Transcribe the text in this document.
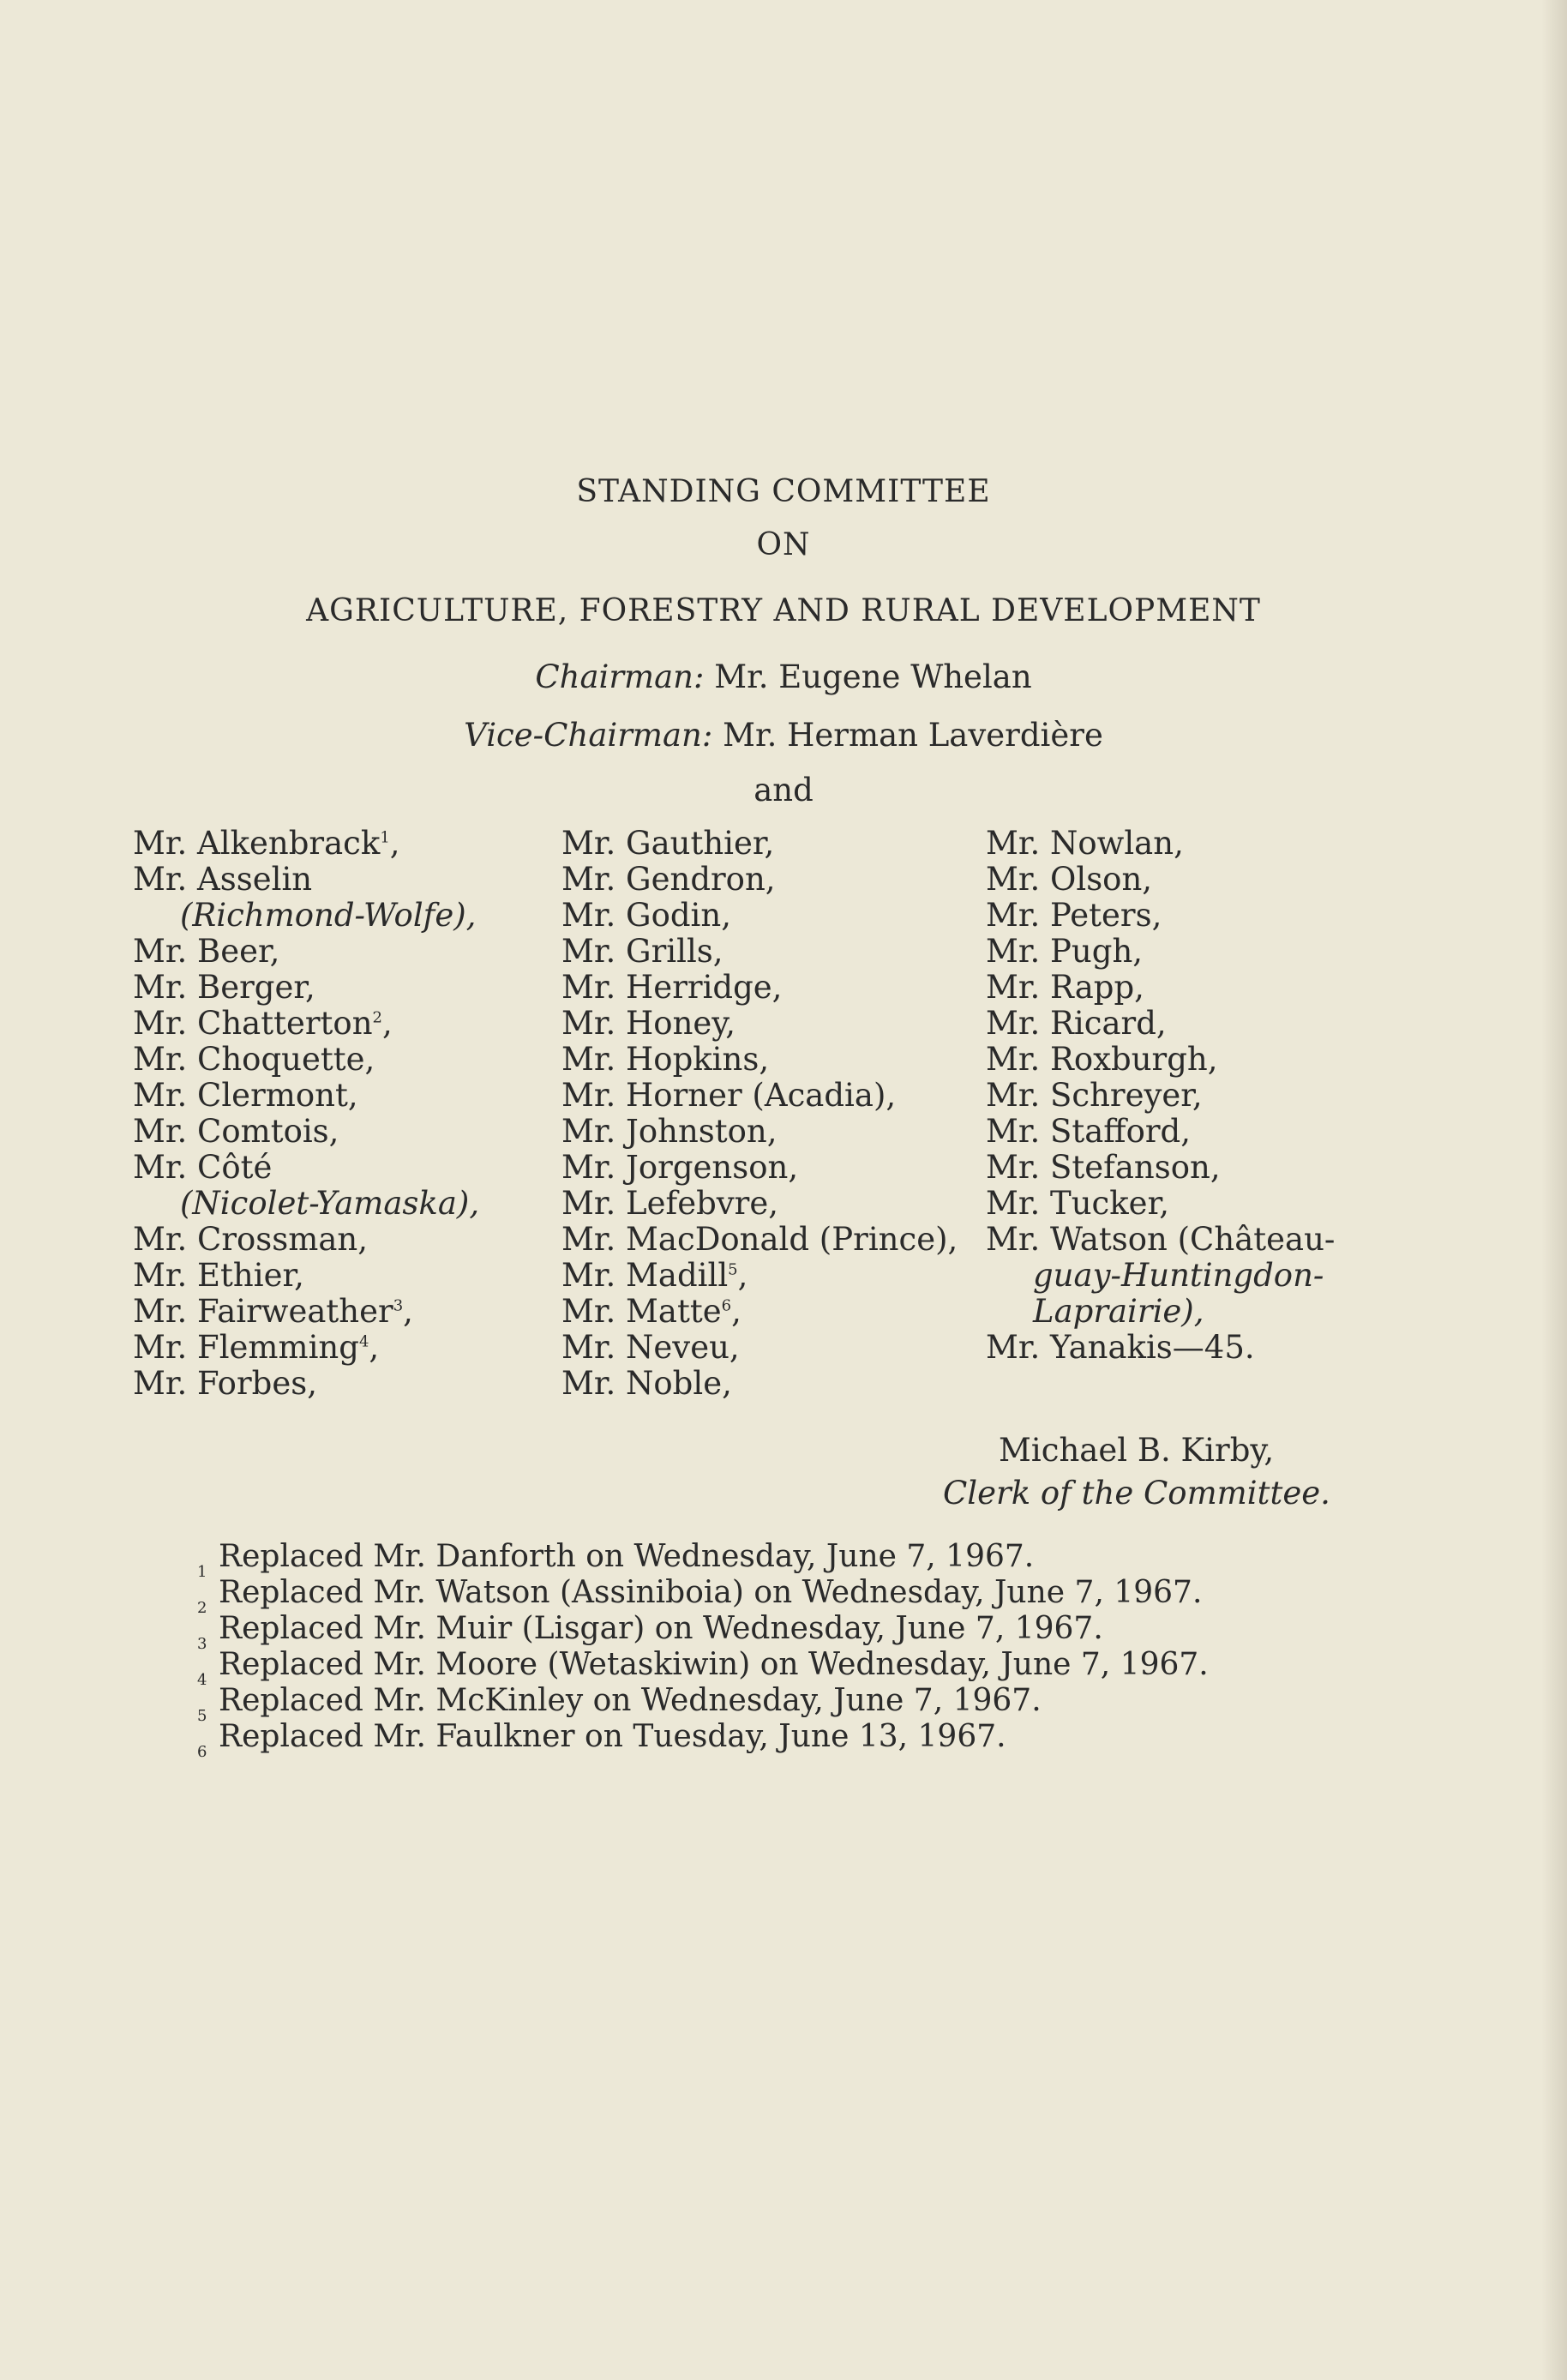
STANDING COMMITTEE
ON
AGRICULTURE, FORESTRY AND RURAL DEVELOPMENT
Chairman: Mr. Eugene Whelan
Vice-Chairman: Mr. Herman Laverdière
and
Mr. Alkenbrack$^1$,
Mr. Asselin
(Richmond-Wolfe),
Mr. Beer,
Mr. Berger,
Mr. Chatterton$^2$,
Mr. Choquette,
Mr. Clermont,
Mr. Comtois,
Mr. Côté
(Nicolet-Yamaska),
Mr. Crossman,
Mr. Ethier,
Mr. Fairweather$^3$,
Mr. Flemming$^4$,
Mr. Forbes,
Mr. Gauthier,
Mr. Gendron,
Mr. Godin,
Mr. Grills,
Mr. Herridge,
Mr. Honey,
Mr. Hopkins,
Mr. Horner (Acadia),
Mr. Johnston,
Mr. Jorgenson,
Mr. Lefebvre,
Mr. MacDonald (Prince),
Mr. Madill$^5$,
Mr. Matte$^6$,
Mr. Neveu,
Mr. Noble,
Mr. Nowlan,
Mr. Olson,
Mr. Peters,
Mr. Pugh,
Mr. Rapp,
Mr. Ricard,
Mr. Roxburgh,
Mr. Schreyer,
Mr. Stafford,
Mr. Stefanson,
Mr. Tucker,
Mr. Watson (Château-
guay-Huntingdon-
Laprairie),
Mr. Yanakis—45.
Michael B. Kirby,
Clerk of the Committee.
1 Replaced Mr. Danforth on Wednesday, June 7, 1967.
2 Replaced Mr. Watson (Assiniboia) on Wednesday, June 7, 1967.
3 Replaced Mr. Muir (Lisgar) on Wednesday, June 7, 1967.
4 Replaced Mr. Moore (Wetaskiwin) on Wednesday, June 7, 1967.
5 Replaced Mr. McKinley on Wednesday, June 7, 1967.
6 Replaced Mr. Faulkner on Tuesday, June 13, 1967.
